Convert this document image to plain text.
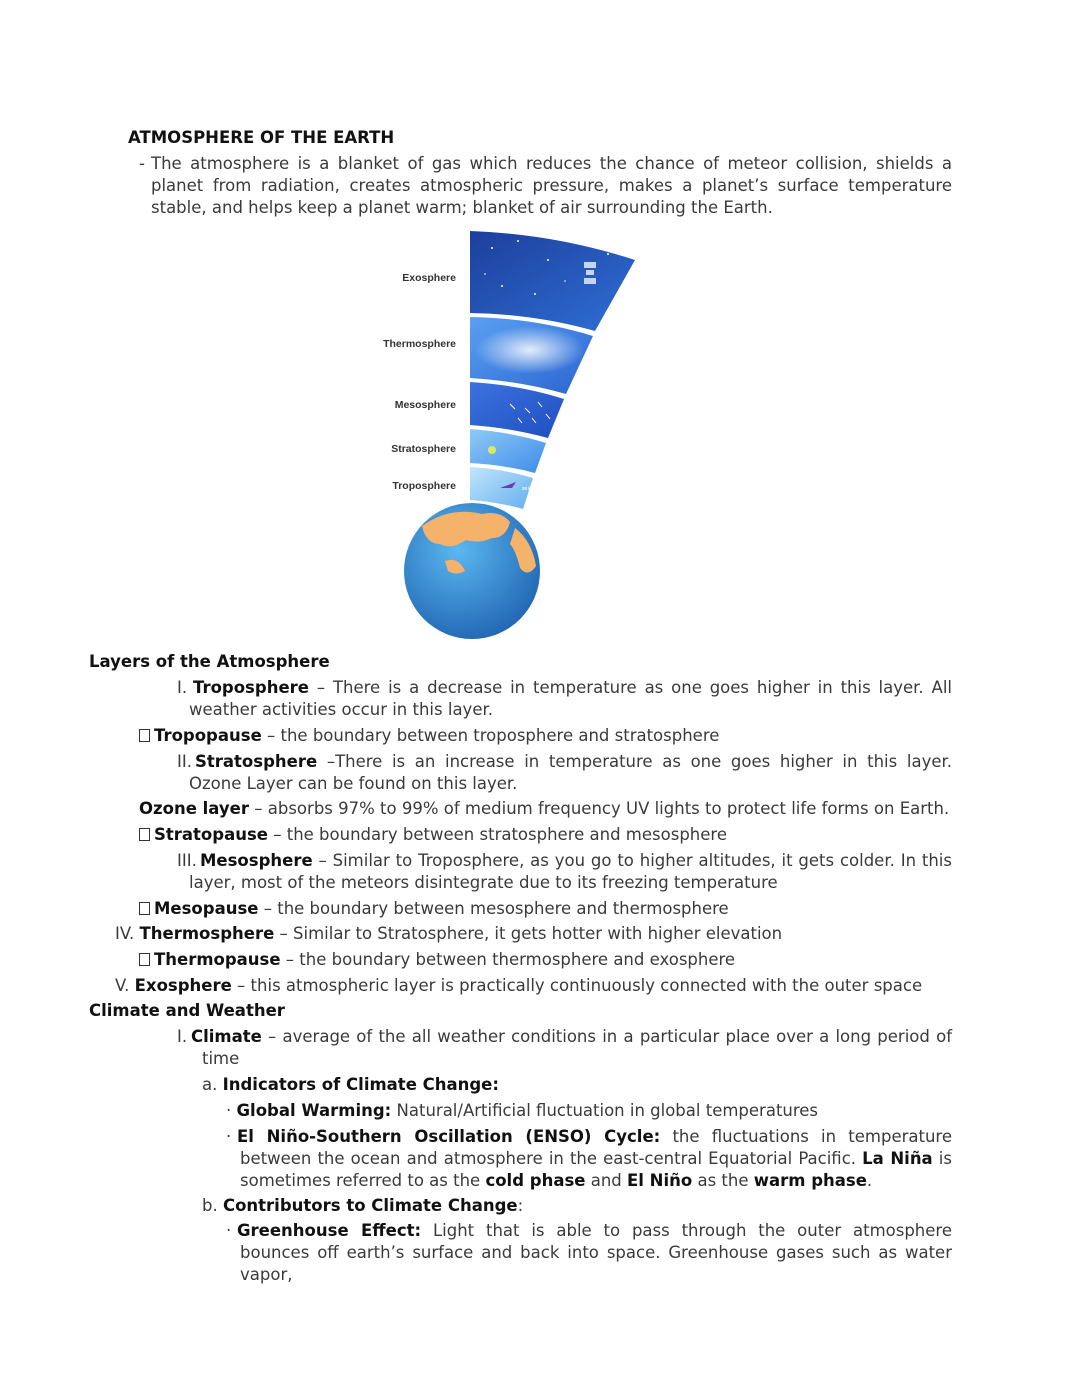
ATMOSPHERE OF THE EARTH
- The atmosphere is a blanket of gas which reduces the chance of meteor collision, shields a planet from radiation, creates atmospheric pressure, makes a planet’s surface temperature stable, and helps keep a planet warm; blanket of air surrounding the Earth.

Exosphere
Thermosphere
Mesosphere
Stratosphere
Troposphere
10 000 km
690 km
80 km
50 km
20 km
Layers of the Atmosphere
I. Troposphere – There is a decrease in temperature as one goes higher in this layer. All weather activities occur in this layer.

Tropopause – the boundary between troposphere and stratosphere
II. Stratosphere –There is an increase in temperature as one goes higher in this layer. Ozone Layer can be found on this layer.

Ozone layer – absorbs 97% to 99% of medium frequency UV lights to protect life forms on Earth.
Stratopause – the boundary between stratosphere and mesosphere
III. Mesosphere – Similar to Troposphere, as you go to higher altitudes, it gets colder. In this layer, most of the meteors disintegrate due to its freezing temperature

Mesopause – the boundary between mesosphere and thermosphere
IV. Thermosphere – Similar to Stratosphere, it gets hotter with higher elevation
Thermopause – the boundary between thermosphere and exosphere
V. Exosphere – this atmospheric layer is practically continuously connected with the outer space
Climate and Weather
I. Climate – average of the all weather conditions in a particular place over a long period of time

a. Indicators of Climate Change:
· Global Warming: Natural/Artificial fluctuation in global temperatures
· El Niño-Southern Oscillation (ENSO) Cycle: the fluctuations in temperature between the ocean and atmosphere in the east-central Equatorial Pacific. La Niña is sometimes referred to as the cold phase and El Niño as the warm phase.

b. Contributors to Climate Change:
· Greenhouse Effect: Light that is able to pass through the outer atmosphere bounces off earth’s surface and back into space. Greenhouse gases such as water vapor,
